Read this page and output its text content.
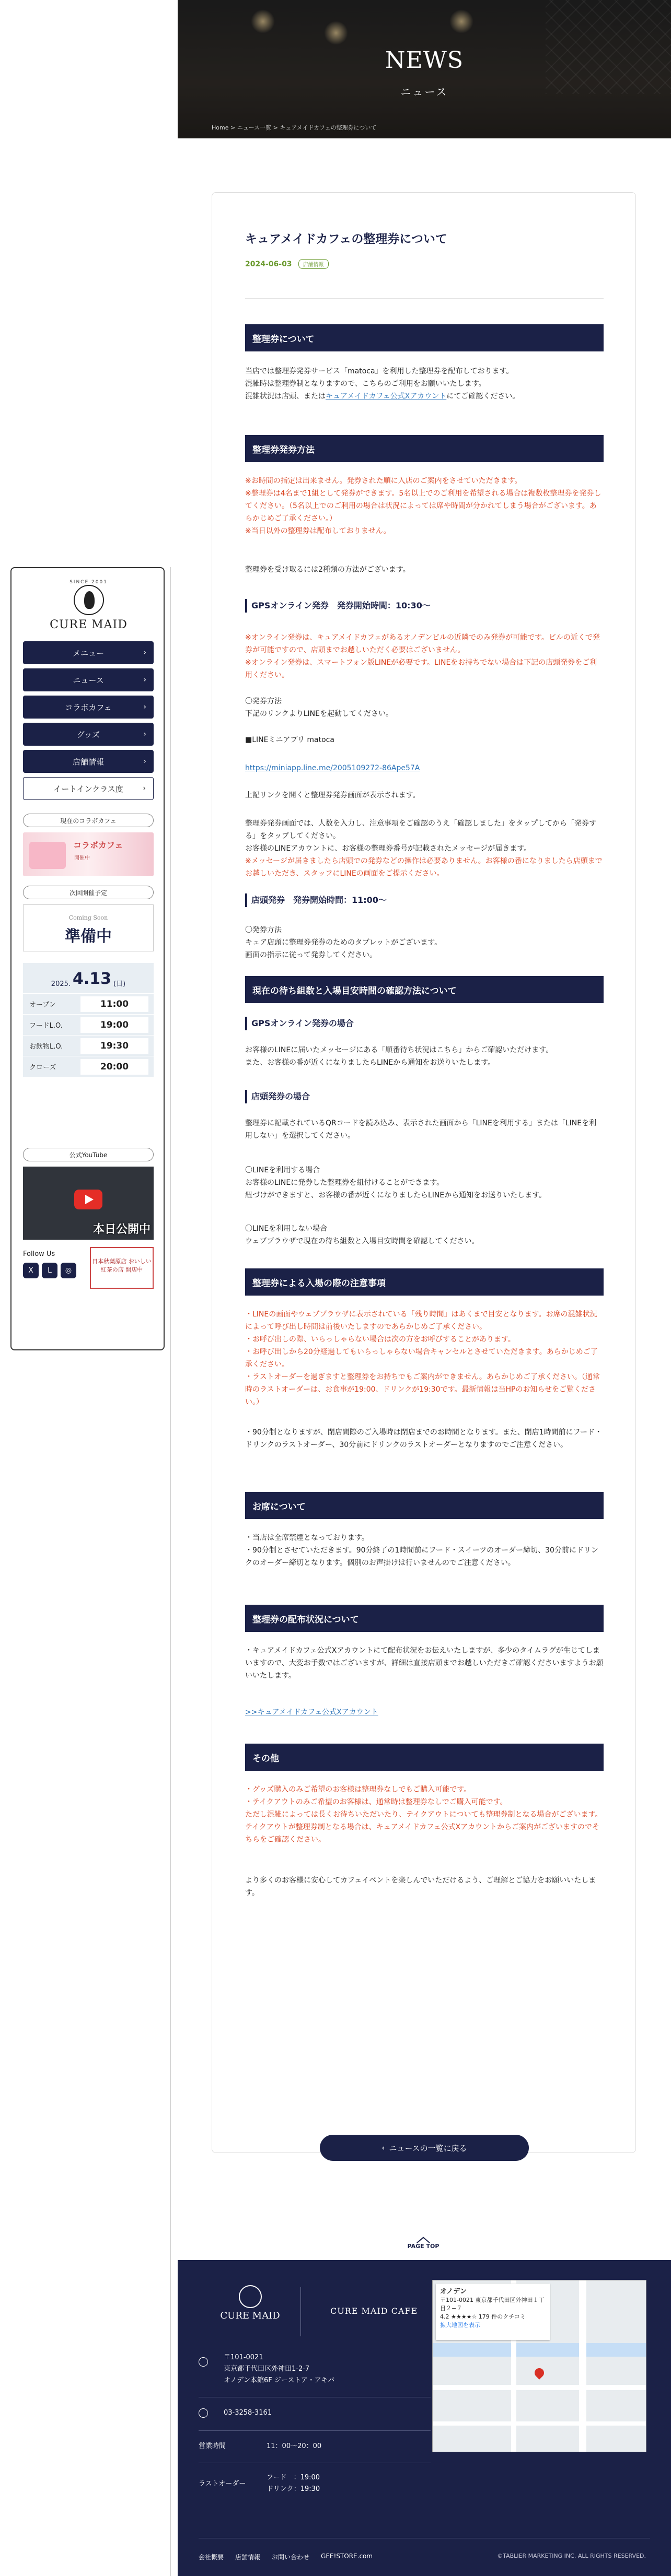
NEWS
ニュース
Home > ニュース一覧 > キュアメイドカフェの整理券について
SINCE 2001
CURE MAID
メニュー	›
ニュース	›
コラボカフェ	›
グッズ	›
店舗情報	›
イートインクラス度	›
現在のコラボカフェ
コラボカフェ
開催中
次回開催予定
Coming Soon
準備中
2025. 4.13 (日)
オープン	11:00
フードL.O.	19:00
お飲物L.O.	19:30
クローズ	20:00
公式YouTube
本日公開中
Follow Us
X	L	◎
日本秋葉原店 おいしい紅茶の店 開店中
キュアメイドカフェの整理券について
2024-06-03	店舗情報
整理券について
当店では整理券発券サービス「matoca」を利用した整理券を配布しております。
混雑時は整理券制となりますので、こちらのご利用をお願いいたします。
混雑状況は店頭、またはキュアメイドカフェ公式Xアカウントにてご確認ください。
整理券発券方法
※お時間の指定は出来ません。発券された順に入店のご案内をさせていただきます。
※整理券は4名まで1組として発券ができます。5名以上でのご利用を希望される場合は複数枚整理券を発券してください。（5名以上でのご利用の場合は状況によっては席や時間が分かれてしまう場合がございます。あらかじめご了承ください。）
※当日以外の整理券は配布しておりません。
整理券を受け取るには2種類の方法がございます。
GPSオンライン発券　発券開始時間：10:30〜
※オンライン発券は、キュアメイドカフェがあるオノデンビルの近隣でのみ発券が可能です。ビルの近くで発券が可能ですので、店頭までお越しいただく必要はございません。
※オンライン発券は、スマートフォン版LINEが必要です。LINEをお持ちでない場合は下記の店頭発券をご利用ください。
〇発券方法
下記のリンクよりLINEを起動してください。
■LINEミニアプリ matoca
https://miniapp.line.me/2005109272-86Ape57A
上記リンクを開くと整理券発券画面が表示されます。
整理券発券画面では、人数を入力し、注意事項をご確認のうえ「確認しました」をタップしてから「発券する」をタップしてください。
お客様のLINEアカウントに、お客様の整理券番号が記載されたメッセージが届きます。
※メッセージが届きましたら店頭での発券などの操作は必要ありません。お客様の番になりましたら店頭までお越しいただき、スタッフにLINEの画面をご提示ください。
店頭発券　発券開始時間：11:00〜
〇発券方法
キュア店頭に整理券発券のためのタブレットがございます。
画面の指示に従って発券してください。
現在の待ち組数と入場目安時間の確認方法について
GPSオンライン発券の場合
お客様のLINEに届いたメッセージにある「順番待ち状況はこちら」からご確認いただけます。
また、お客様の番が近くになりましたらLINEから通知をお送りいたします。
店頭発券の場合
整理券に記載されているQRコードを読み込み、表示された画面から「LINEを利用する」または「LINEを利用しない」を選択してください。
〇LINEを利用する場合
お客様のLINEに発券した整理券を紐付けることができます。
紐づけができますと、お客様の番が近くになりましたらLINEから通知をお送りいたします。
〇LINEを利用しない場合
ウェブブラウザで現在の待ち組数と入場目安時間を確認してください。
整理券による入場の際の注意事項
・LINEの画面やウェブブラウザに表示されている「残り時間」はあくまで目安となります。お席の混雑状況によって呼び出し時間は前後いたしますのであらかじめご了承ください。
・お呼び出しの際、いらっしゃらない場合は次の方をお呼びすることがあります。
・お呼び出しから20分経過してもいらっしゃらない場合キャンセルとさせていただきます。あらかじめご了承ください。
・ラストオーダーを過ぎますと整理券をお持ちでもご案内ができません。あらかじめご了承ください。（通常時のラストオーダーは、お食事が19:00、ドリンクが19:30です。最新情報は当HPのお知らせをご覧ください。）
・90分制となりますが、閉店間際のご入場時は閉店までのお時間となります。また、閉店1時間前にフード・ドリンクのラストオーダー、30分前にドリンクのラストオーダーとなりますのでご注意ください。
お席について
・当店は全席禁煙となっております。
・90分制とさせていただきます。90分終了の1時間前にフード・スイーツのオーダー締切、30分前にドリンクのオーダー締切となります。個別のお声掛けは行いませんのでご注意ください。
整理券の配布状況について
・キュアメイドカフェ公式Xアカウントにて配布状況をお伝えいたしますが、多少のタイムラグが生じてしまいますので、大変お手数ではございますが、詳細は直接店頭までお越しいただきご確認くださいますようお願いいたします。
>>キュアメイドカフェ公式Xアカウント
その他
・グッズ購入のみご希望のお客様は整理券なしでもご購入可能です。
・テイクアウトのみご希望のお客様は、通常時は整理券なしでご購入可能です。
ただし混雑によっては長くお待ちいただいたり、テイクアウトについても整理券制となる場合がございます。
テイクアウトが整理券制となる場合は、キュアメイドカフェ公式Xアカウントからご案内がございますのでそちらをご確認ください。
より多くのお客様に安心してカフェイベントを楽しんでいただけるよう、ご理解とご協力をお願いいたします。
‹ ニュースの一覧に戻る
︿
PAGE TOP
CURE MAID	CURE MAID CAFE
〒101-0021
東京都千代田区外神田1-2-7
オノデン本館6F ジーストア・アキバ
03-3258-3161
営業時間	11：00〜20：00
ラストオーダー
フード　：19:00
ドリンク：19:30
オノデン
〒101-0021 東京都千代田区外神田１丁目２−７
4.2 ★★★★☆ 179 件のクチコミ
拡大地図を表示
会社概要 店舗情報 お問い合わせ GEE!STORE.com	©TABLIER MARKETING INC. ALL RIGHTS RESERVED.
